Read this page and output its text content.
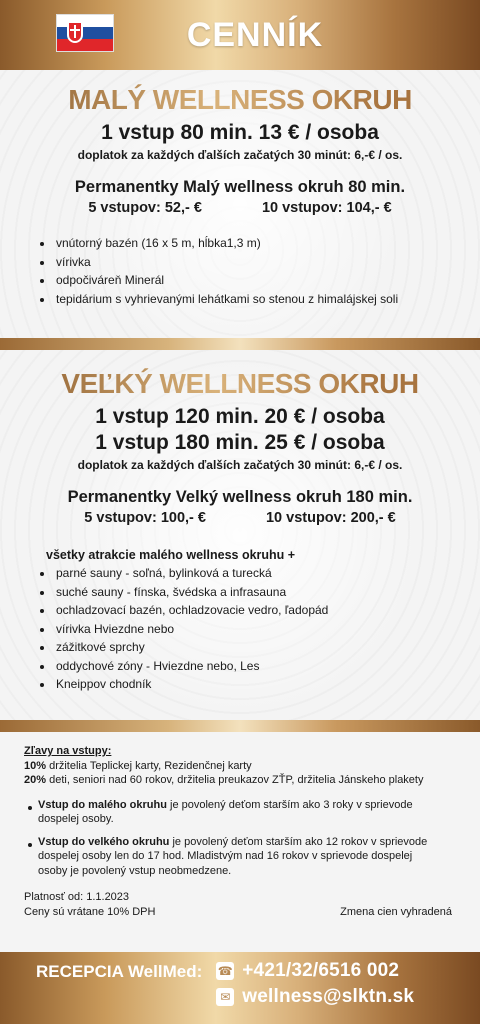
CENNÍK
MALÝ WELLNESS OKRUH
1 vstup 80 min. 13 € / osoba
doplatok za každých ďalších začatých 30 minút: 6,-€ / os.
Permanentky Malý wellness okruh 80 min.
5 vstupov: 52,- €	10 vstupov: 104,- €
vnútorný bazén (16 x 5 m, hĺbka1,3 m)
vírivka
odpočiváreň Minerál
tepidárium s vyhrievanými lehátkami so stenou z himalájskej soli
VEĽKÝ WELLNESS OKRUH
1 vstup 120 min. 20 € / osoba
1 vstup 180 min. 25 € / osoba
doplatok za každých ďalších začatých 30 minút: 6,-€ / os.
Permanentky Velký wellness okruh 180 min.
5 vstupov: 100,- €	10 vstupov: 200,- €
všetky atrakcie malého wellness okruhu +
parné sauny - soľná, bylinková a turecká
suché sauny - fínska, švédska a infrasauna
ochladzovací bazén, ochladzovacie vedro, ľadopád
vírivka Hviezdne nebo
zážitkové sprchy
oddychové zóny - Hviezdne nebo, Les
Kneippov chodník
Zľavy na vstupy:
10% držitelia Teplickej karty, Rezidenčnej karty
20% deti, seniori nad 60 rokov, držitelia preukazov ZŤP, držitelia Jánskeho plakety
Vstup do malého okruhu je povolený deťom starším ako 3 roky v sprievode dospelej osoby.
Vstup do velkého okruhu je povolený deťom starším ako 12 rokov v sprievode dospelej osoby len do 17 hod. Mladistvým nad 16 rokov v sprievode dospelej osoby je povolený vstup neobmedzene.
Platnosť od: 1.1.2023
Ceny sú vrátane 10% DPH	Zmena cien vyhradená
RECEPCIA WellMed: ☎ +421/32/6516 002
✉ wellness@slktn.sk
